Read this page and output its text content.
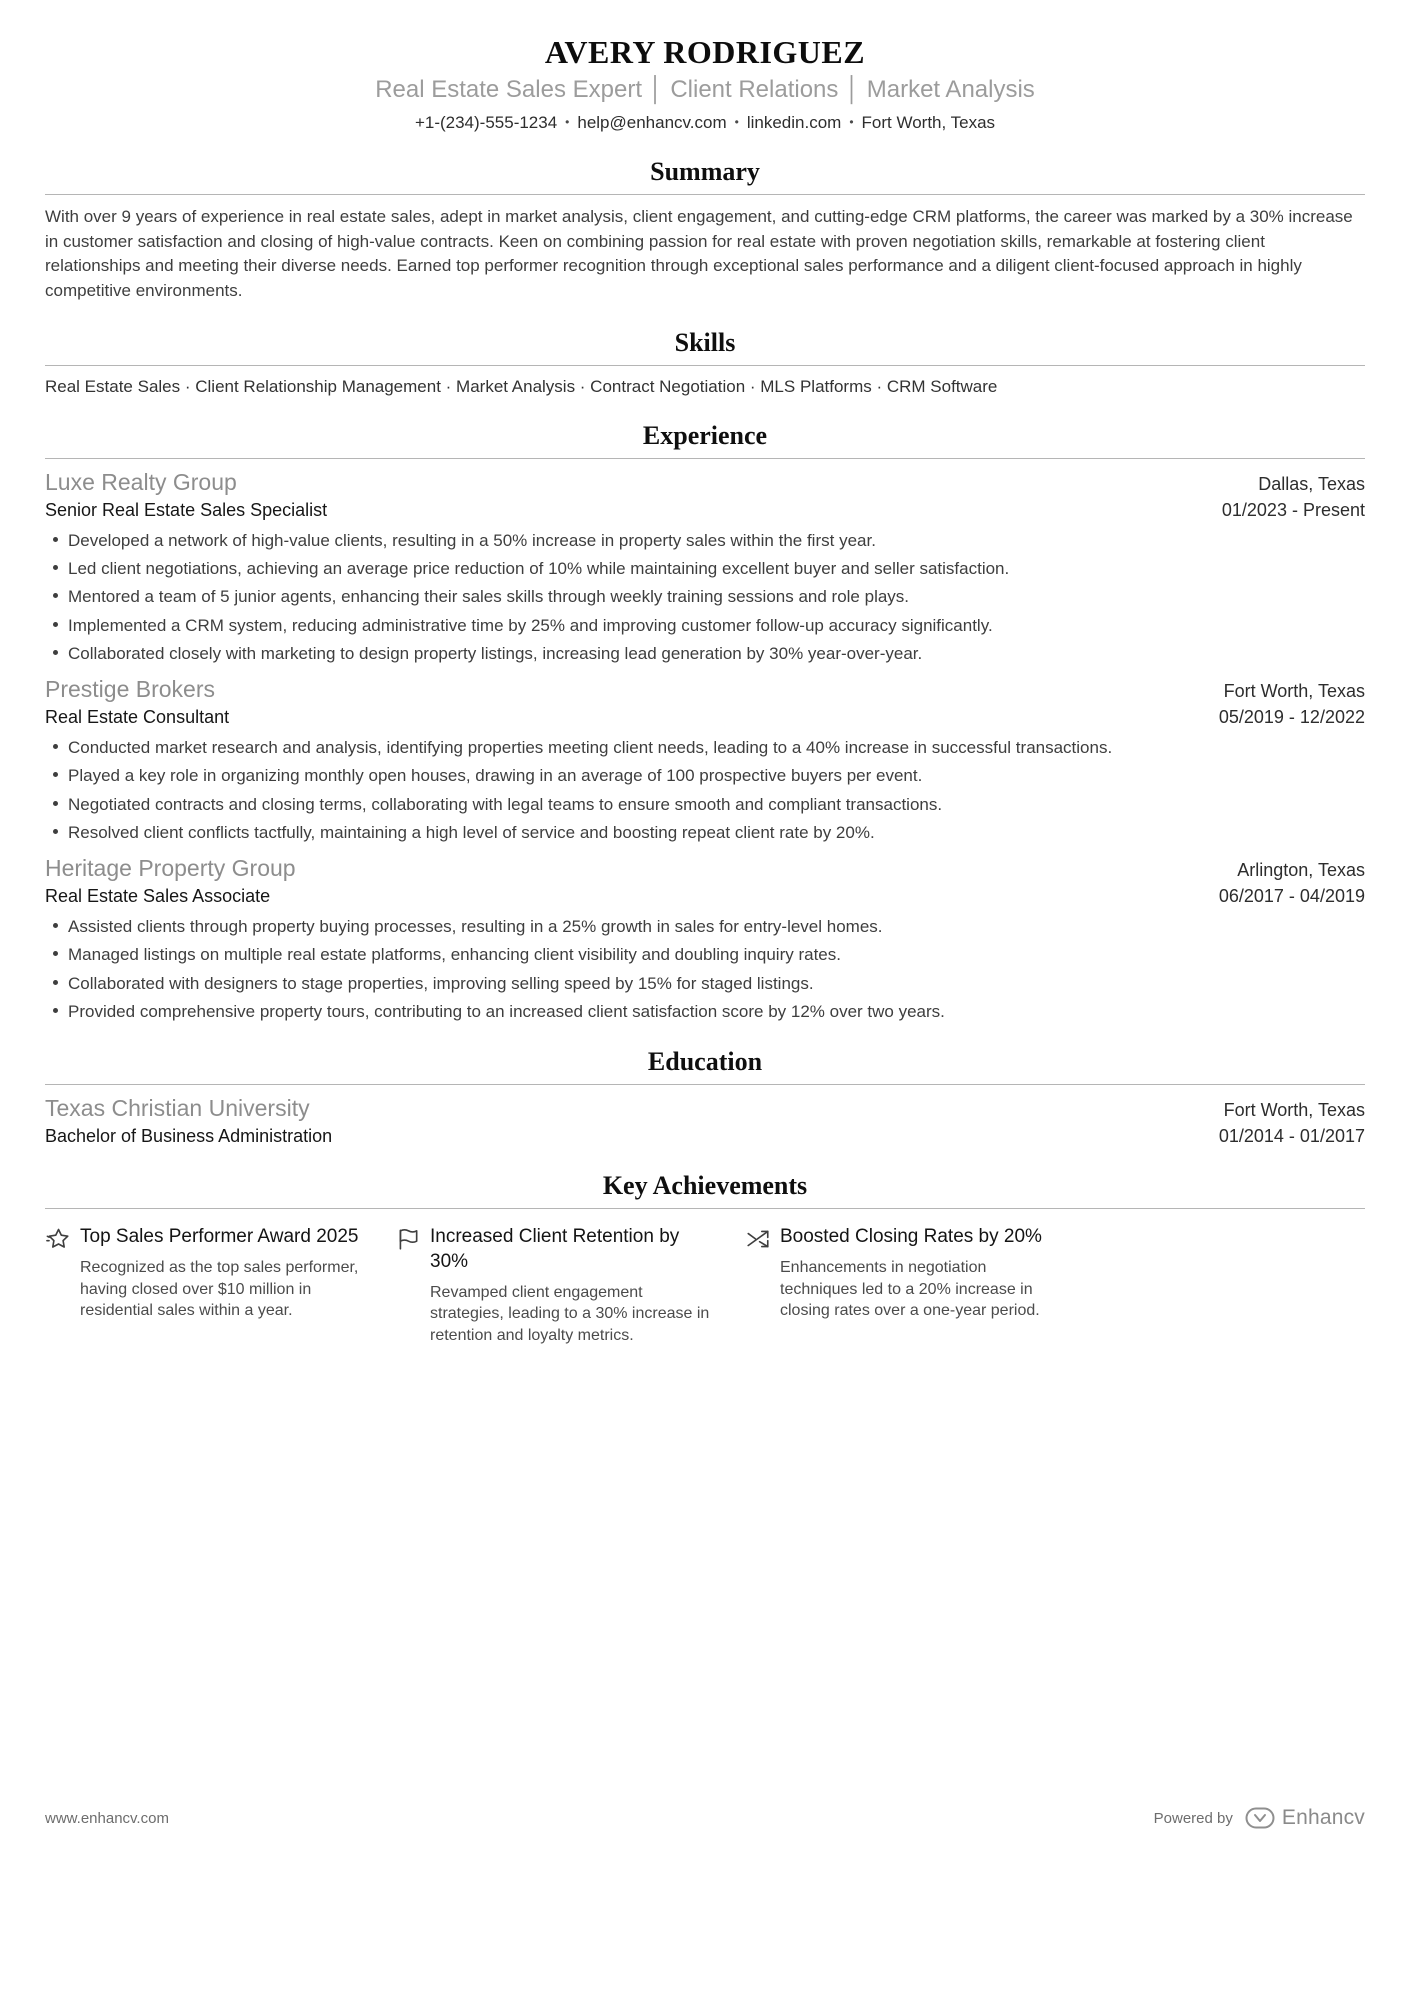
AVERY RODRIGUEZ
Real Estate Sales Expert │ Client Relations │ Market Analysis
+1-(234)-555-1234 • help@enhancv.com • linkedin.com • Fort Worth, Texas
Summary

With over 9 years of experience in real estate sales, adept in market analysis, client engagement, and cutting-edge CRM platforms, the career was marked by a 30% increase in customer satisfaction and closing of high-value contracts. Keen on combining passion for real estate with proven negotiation skills, remarkable at fostering client relationships and meeting their diverse needs. Earned top performer recognition through exceptional sales performance and a diligent client-focused approach in highly competitive environments.

Skills

Real Estate Sales · Client Relationship Management · Market Analysis · Contract Negotiation · MLS Platforms · CRM Software

Experience
Luxe Realty Group	Dallas, Texas
Senior Real Estate Sales Specialist	01/2023 - Present
Developed a network of high-value clients, resulting in a 50% increase in property sales within the first year.
Led client negotiations, achieving an average price reduction of 10% while maintaining excellent buyer and seller satisfaction.
Mentored a team of 5 junior agents, enhancing their sales skills through weekly training sessions and role plays.
Implemented a CRM system, reducing administrative time by 25% and improving customer follow-up accuracy significantly.
Collaborated closely with marketing to design property listings, increasing lead generation by 30% year-over-year.
Prestige Brokers	Fort Worth, Texas
Real Estate Consultant	05/2019 - 12/2022
Conducted market research and analysis, identifying properties meeting client needs, leading to a 40% increase in successful transactions.
Played a key role in organizing monthly open houses, drawing in an average of 100 prospective buyers per event.
Negotiated contracts and closing terms, collaborating with legal teams to ensure smooth and compliant transactions.
Resolved client conflicts tactfully, maintaining a high level of service and boosting repeat client rate by 20%.
Heritage Property Group	Arlington, Texas
Real Estate Sales Associate	06/2017 - 04/2019
Assisted clients through property buying processes, resulting in a 25% growth in sales for entry-level homes.
Managed listings on multiple real estate platforms, enhancing client visibility and doubling inquiry rates.
Collaborated with designers to stage properties, improving selling speed by 15% for staged listings.
Provided comprehensive property tours, contributing to an increased client satisfaction score by 12% over two years.
Education
Texas Christian University	Fort Worth, Texas
Bachelor of Business Administration	01/2014 - 01/2017
Key Achievements
Top Sales Performer Award 2025
Recognized as the top sales performer, having closed over $10 million in residential sales within a year.
Increased Client Retention by 30%
Revamped client engagement strategies, leading to a 30% increase in retention and loyalty metrics.
Boosted Closing Rates by 20%
Enhancements in negotiation techniques led to a 20% increase in closing rates over a one-year period.
www.enhancv.com	Powered by Enhancv
